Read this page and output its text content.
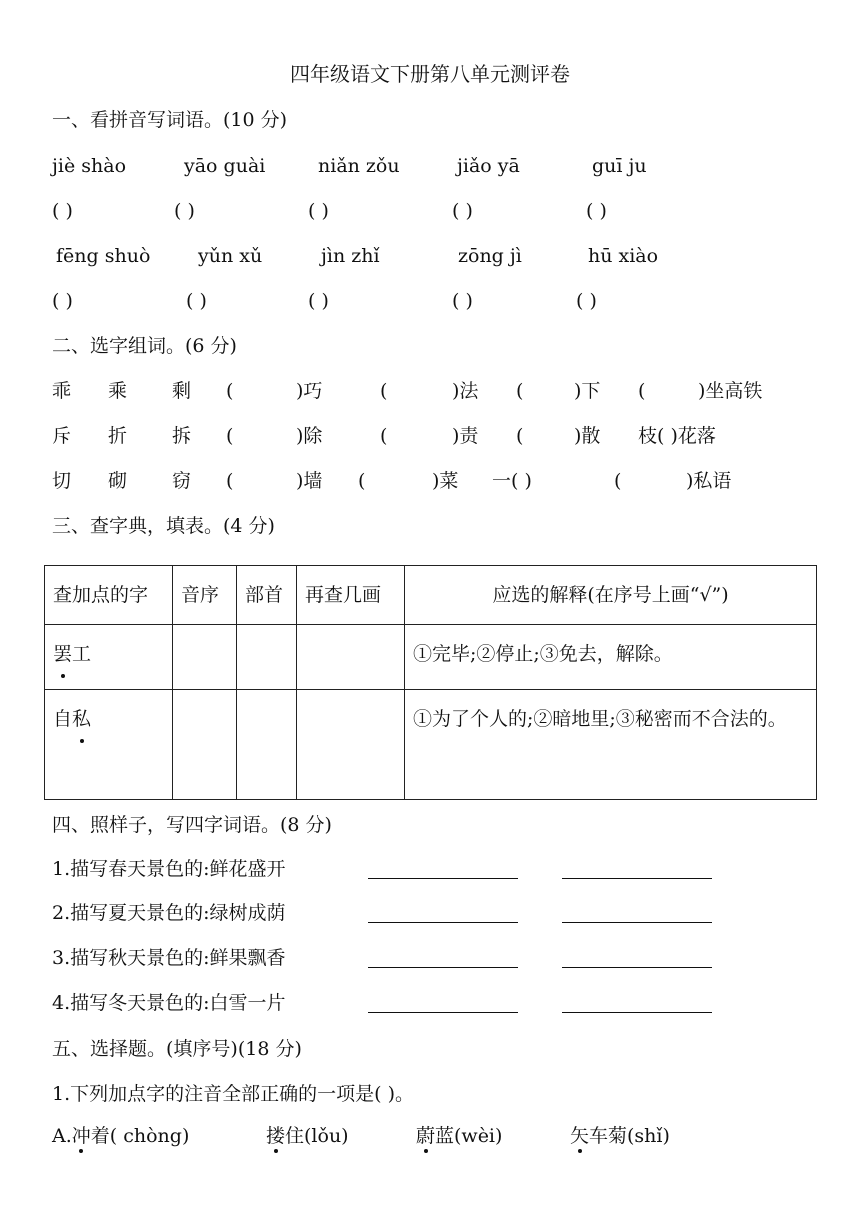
四年级语文下册第八单元测评卷
一、看拼音写词语。(10 分)
jiè shào	yāo guài	niǎn zǒu	jiǎo yā	guī ju
( )	( )	( )	( )	( )
fēng shuò	yǔn xǔ	jìn zhǐ	zōng jì	hū xiào
( )	( )	( )	( )	( )
二、选字组词。(6 分)
乖 乘 剩 (	)巧	(	)法 (	)下 (	)坐高铁
斥 折 拆 (	)除	(	)责 (	)散 枝( )花落
切 砌 窃 (	)墙 (	)菜 一( )	(	)私语
三、查字典，填表。(4 分)
查加点的字	音序	部首	再查几画	应选的解释(在序号上画“√”)
罢工				①完毕;②停止;③免去，解除。
自私				①为了个人的;②暗地里;③秘密而不合法的。
四、照样子，写四字词语。(8 分)
1.描写春天景色的:鲜花盛开
2.描写夏天景色的:绿树成荫
3.描写秋天景色的:鲜果飘香
4.描写冬天景色的:白雪一片
五、选择题。(填序号)(18 分)
1.下列加点字的注音全部正确的一项是( )。
A.冲着( chòng)	搂住(lǒu)	蔚蓝(wèi)	矢车菊(shǐ)
